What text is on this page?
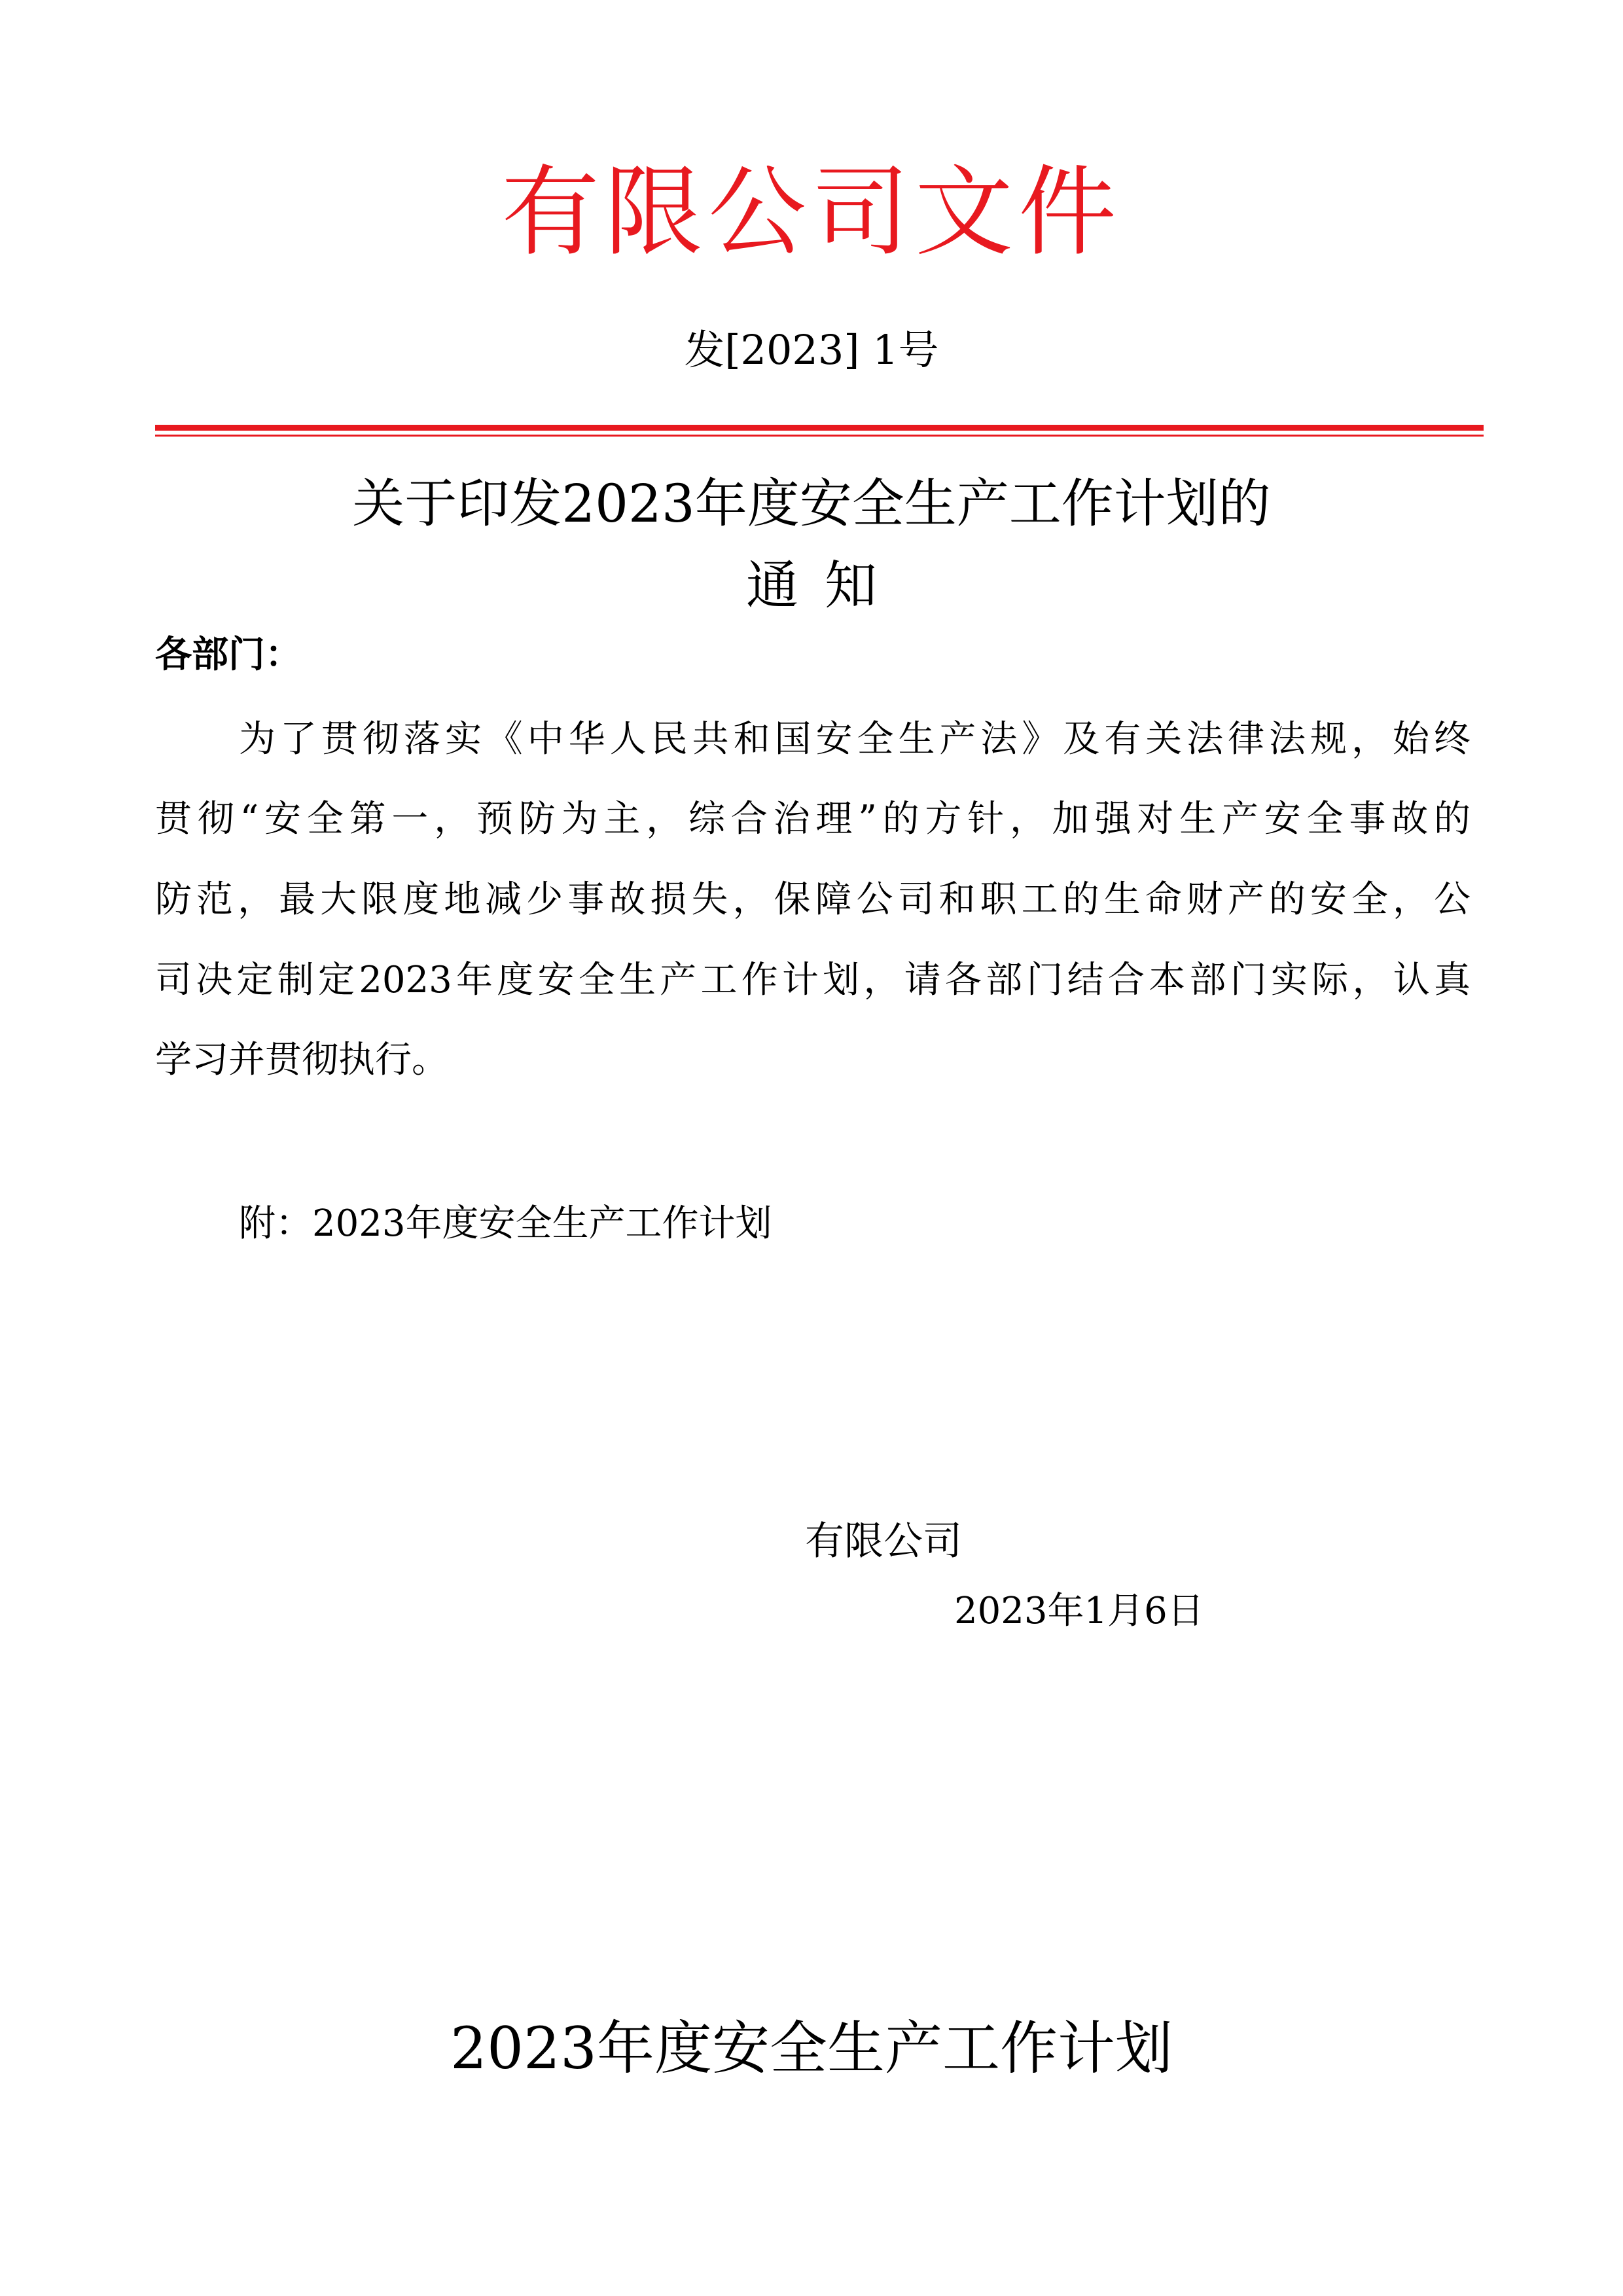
有限公司文件
发[2023] 1号
关于印发2023年度安全生产工作计划的
通知
各部门：
为了贯彻落实《中华人民共和国安全生产法》及有关法律法规，始终
贯彻“安全第一，预防为主，综合治理”的方针，加强对生产安全事故的
防范，最大限度地减少事故损失，保障公司和职工的生命财产的安全，公
司决定制定2023年度安全生产工作计划，请各部门结合本部门实际，认真
学习并贯彻执行。
附：2023年度安全生产工作计划
有限公司
2023年1月6日
2023年度安全生产工作计划
